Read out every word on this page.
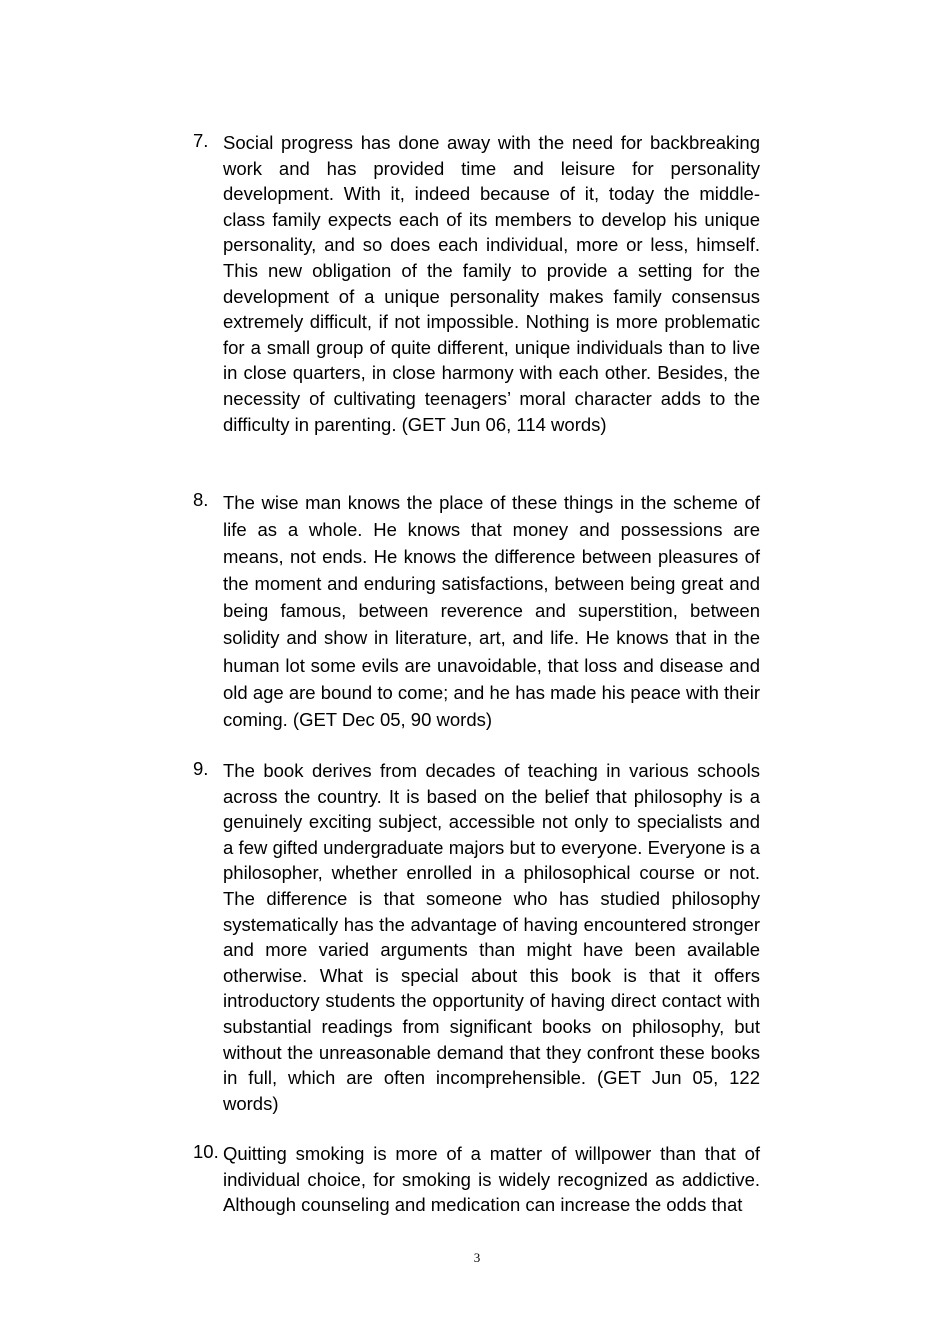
7. Social progress has done away with the need for backbreaking work and has provided time and leisure for personality development. With it, indeed because of it, today the middle-class family expects each of its members to develop his unique personality, and so does each individual, more or less, himself. This new obligation of the family to provide a setting for the development of a unique personality makes family consensus extremely difficult, if not impossible. Nothing is more problematic for a small group of quite different, unique individuals than to live in close quarters, in close harmony with each other. Besides, the necessity of cultivating teenagers’ moral character adds to the difficulty in parenting. (GET Jun 06, 114 words)
8. The wise man knows the place of these things in the scheme of life as a whole. He knows that money and possessions are means, not ends. He knows the difference between pleasures of the moment and enduring satisfactions, between being great and being famous, between reverence and superstition, between solidity and show in literature, art, and life. He knows that in the human lot some evils are unavoidable, that loss and disease and old age are bound to come; and he has made his peace with their coming. (GET Dec 05, 90 words)
9. The book derives from decades of teaching in various schools across the country. It is based on the belief that philosophy is a genuinely exciting subject, accessible not only to specialists and a few gifted undergraduate majors but to everyone. Everyone is a philosopher, whether enrolled in a philosophical course or not. The difference is that someone who has studied philosophy systematically has the advantage of having encountered stronger and more varied arguments than might have been available otherwise. What is special about this book is that it offers introductory students the opportunity of having direct contact with substantial readings from significant books on philosophy, but without the unreasonable demand that they confront these books in full, which are often incomprehensible. (GET Jun 05, 122 words)
10. Quitting smoking is more of a matter of willpower than that of individual choice, for smoking is widely recognized as addictive. Although counseling and medication can increase the odds that
3
